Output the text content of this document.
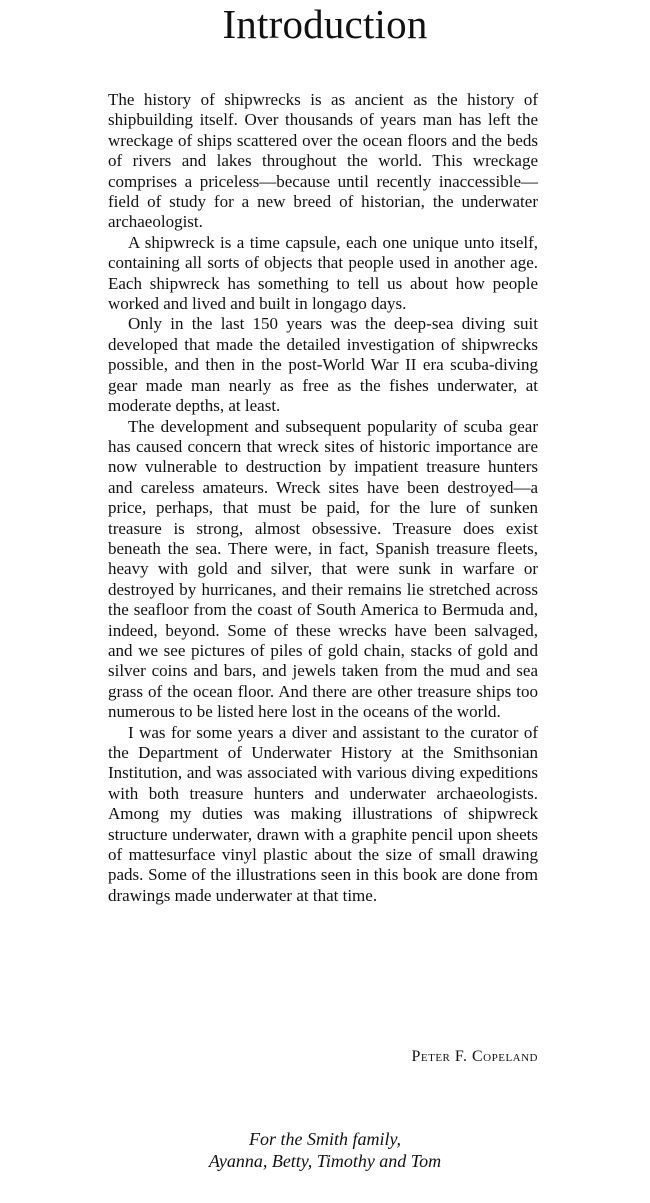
Introduction

The history of shipwrecks is as ancient as the history of shipbuilding itself. Over thousands of years man has left the wreckage of ships scattered over the ocean floors and the beds of rivers and lakes throughout the world. This wreckage comprises a priceless—because until recently inaccessible—field of study for a new breed of historian, the underwater archaeologist.

A shipwreck is a time capsule, each one unique unto itself, containing all sorts of objects that people used in another age. Each shipwreck has something to tell us about how people worked and lived and built in longago days.

Only in the last 150 years was the deep-sea diving suit developed that made the detailed investigation of shipwrecks possible, and then in the post-World War II era scuba-diving gear made man nearly as free as the fishes underwater, at moderate depths, at least.

The development and subsequent popularity of scuba gear has caused concern that wreck sites of historic importance are now vulnerable to destruction by impatient treasure hunters and careless amateurs. Wreck sites have been destroyed—a price, perhaps, that must be paid, for the lure of sunken treasure is strong, almost obsessive. Treasure does exist beneath the sea. There were, in fact, Spanish treasure fleets, heavy with gold and silver, that were sunk in warfare or destroyed by hurricanes, and their remains lie stretched across the seafloor from the coast of South America to Bermuda and, indeed, beyond. Some of these wrecks have been salvaged, and we see pictures of piles of gold chain, stacks of gold and silver coins and bars, and jewels taken from the mud and sea grass of the ocean floor. And there are other treasure ships too numerous to be listed here lost in the oceans of the world.

I was for some years a diver and assistant to the curator of the Department of Underwater History at the Smithsonian Institution, and was associated with various diving expeditions with both treasure hunters and underwater archaeologists. Among my duties was making illustrations of shipwreck structure underwater, drawn with a graphite pencil upon sheets of mattesurface vinyl plastic about the size of small drawing pads. Some of the illustrations seen in this book are done from drawings made underwater at that time.

Peter F. Copeland
For the Smith family,
Ayanna, Betty, Timothy and Tom
